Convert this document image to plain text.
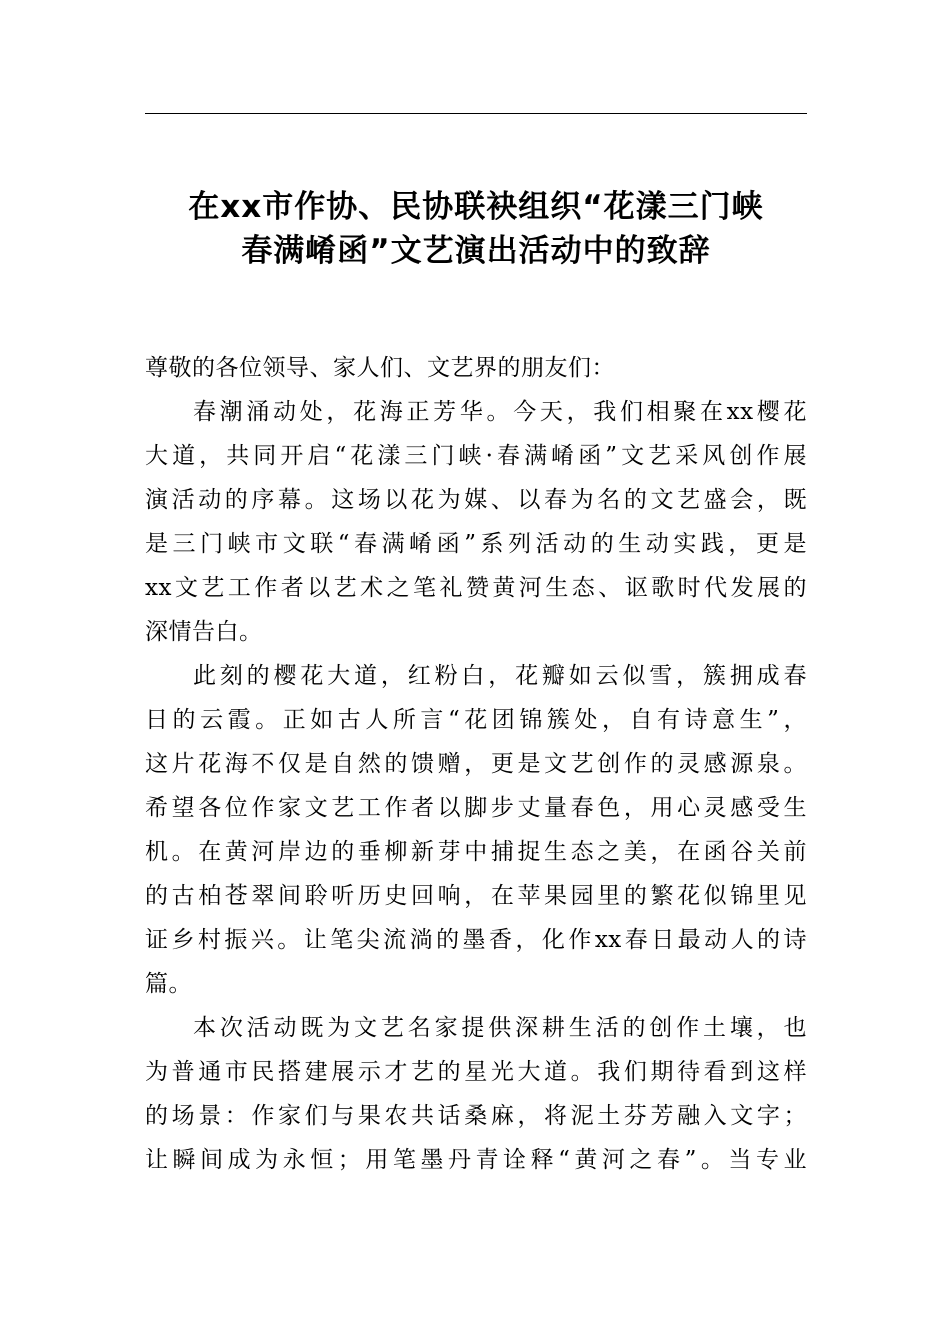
在xx市作协、民协联袂组织“花漾三门峡
春满崤函”文艺演出活动中的致辞
尊敬的各位领导、家人们、文艺界的朋友们：
春潮涌动处，花海正芳华。今天，我们相聚在xx樱花
大道，共同开启“花漾三门峡·春满崤函”文艺采风创作展
演活动的序幕。这场以花为媒、以春为名的文艺盛会，既
是三门峡市文联“春满崤函”系列活动的生动实践，更是
xx文艺工作者以艺术之笔礼赞黄河生态、讴歌时代发展的
深情告白。
此刻的樱花大道，红粉白，花瓣如云似雪，簇拥成春
日的云霞。正如古人所言“花团锦簇处，自有诗意生”，
这片花海不仅是自然的馈赠，更是文艺创作的灵感源泉。
希望各位作家文艺工作者以脚步丈量春色，用心灵感受生
机。在黄河岸边的垂柳新芽中捕捉生态之美，在函谷关前
的古柏苍翠间聆听历史回响，在苹果园里的繁花似锦里见
证乡村振兴。让笔尖流淌的墨香，化作xx春日最动人的诗
篇。
本次活动既为文艺名家提供深耕生活的创作土壤，也
为普通市民搭建展示才艺的星光大道。我们期待看到这样
的场景：作家们与果农共话桑麻，将泥土芬芳融入文字；
让瞬间成为永恒；用笔墨丹青诠释“黄河之春”。当专业
